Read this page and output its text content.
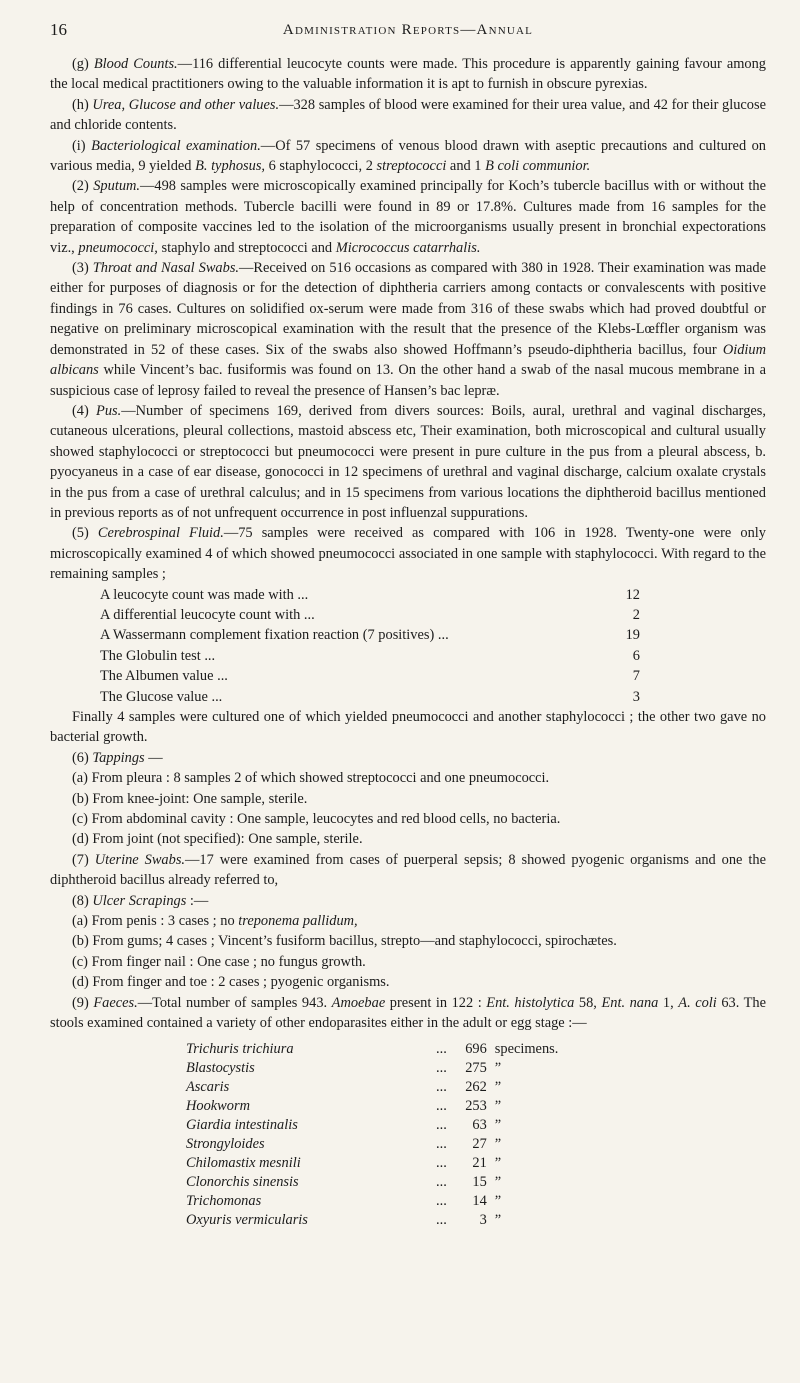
16	Administration Reports—Annual

(g) Blood Counts.—116 differential leucocyte counts were made. This procedure is apparently gaining favour among the local medical practitioners owing to the valuable information it is apt to furnish in obscure pyrexias.

(h) Urea, Glucose and other values.—328 samples of blood were examined for their urea value, and 42 for their glucose and chloride contents.

(i) Bacteriological examination.—Of 57 specimens of venous blood drawn with aseptic precautions and cultured on various media, 9 yielded B. typhosus, 6 staphylococci, 2 streptococci and 1 B coli communior.

(2) Sputum.—498 samples were microscopically examined principally for Koch’s tubercle bacillus with or without the help of concentration methods. Tubercle bacilli were found in 89 or 17.8%. Cultures made from 16 samples for the preparation of composite vaccines led to the isolation of the microorganisms usually present in bronchial expectorations viz., pneumococci, staphylo and streptococci and Micrococcus catarrhalis.

(3) Throat and Nasal Swabs.—Received on 516 occasions as compared with 380 in 1928. Their examination was made either for purposes of diagnosis or for the detection of diphtheria carriers among contacts or convalescents with positive findings in 76 cases. Cultures on solidified ox-serum were made from 316 of these swabs which had proved doubtful or negative on preliminary microscopical examination with the result that the presence of the Klebs-Lœffler organism was demonstrated in 52 of these cases. Six of the swabs also showed Hoffmann’s pseudo-diphtheria bacillus, four Oidium albicans while Vincent’s bac. fusiformis was found on 13. On the other hand a swab of the nasal mucous membrane in a suspicious case of leprosy failed to reveal the presence of Hansen’s bac lepræ.

(4) Pus.—Number of specimens 169, derived from divers sources: Boils, aural, urethral and vaginal discharges, cutaneous ulcerations, pleural collections, mastoid abscess etc, Their examination, both microscopical and cultural usually showed staphylococci or streptococci but pneumococci were present in pure culture in the pus from a pleural abscess, b. pyocyaneus in a case of ear disease, gonococci in 12 specimens of urethral and vaginal discharge, calcium oxalate crystals in the pus from a case of urethral calculus; and in 15 specimens from various locations the diphtheroid bacillus mentioned in previous reports as of not unfrequent occurrence in post influenzal suppurations.

(5) Cerebrospinal Fluid.—75 samples were received as compared with 106 in 1928. Twenty-one were only microscopically examined 4 of which showed pneumococci associated in one sample with staphylococci. With regard to the remaining samples ;

A leucocyte count was made with ...	12
A differential leucocyte count with ...	2
A Wassermann complement fixation reaction (7 positives) ...	19
The Globulin test ...	6
The Albumen value ...	7
The Glucose value ...	3

Finally 4 samples were cultured one of which yielded pneumococci and another staphylococci ; the other two gave no bacterial growth.

(6) Tappings —

(a) From pleura : 8 samples 2 of which showed streptococci and one pneumococci.

(b) From knee-joint: One sample, sterile.

(c) From abdominal cavity : One sample, leucocytes and red blood cells, no bacteria.

(d) From joint (not specified): One sample, sterile.

(7) Uterine Swabs.—17 were examined from cases of puerperal sepsis; 8 showed pyogenic organisms and one the diphtheroid bacillus already referred to,

(8) Ulcer Scrapings :—

(a) From penis : 3 cases ; no treponema pallidum,

(b) From gums; 4 cases ; Vincent’s fusiform bacillus, strepto—and staphylococci, spirochætes.

(c) From finger nail : One case ; no fungus growth.

(d) From finger and toe : 2 cases ; pyogenic organisms.

(9) Faeces.—Total number of samples 943. Amoebae present in 122 : Ent. histolytica 58, Ent. nana 1, A. coli 63. The stools examined contained a variety of other endoparasites either in the adult or egg stage :—

Trichuris trichiura	...	696	specimens.
Blastocystis	...	275	”
Ascaris	...	262	”
Hookworm	...	253	”
Giardia intestinalis	...	63	”
Strongyloides	...	27	”
Chilomastix mesnili	...	21	”
Clonorchis sinensis	...	15	”
Trichomonas	...	14	”
Oxyuris vermicularis	...	3	”
